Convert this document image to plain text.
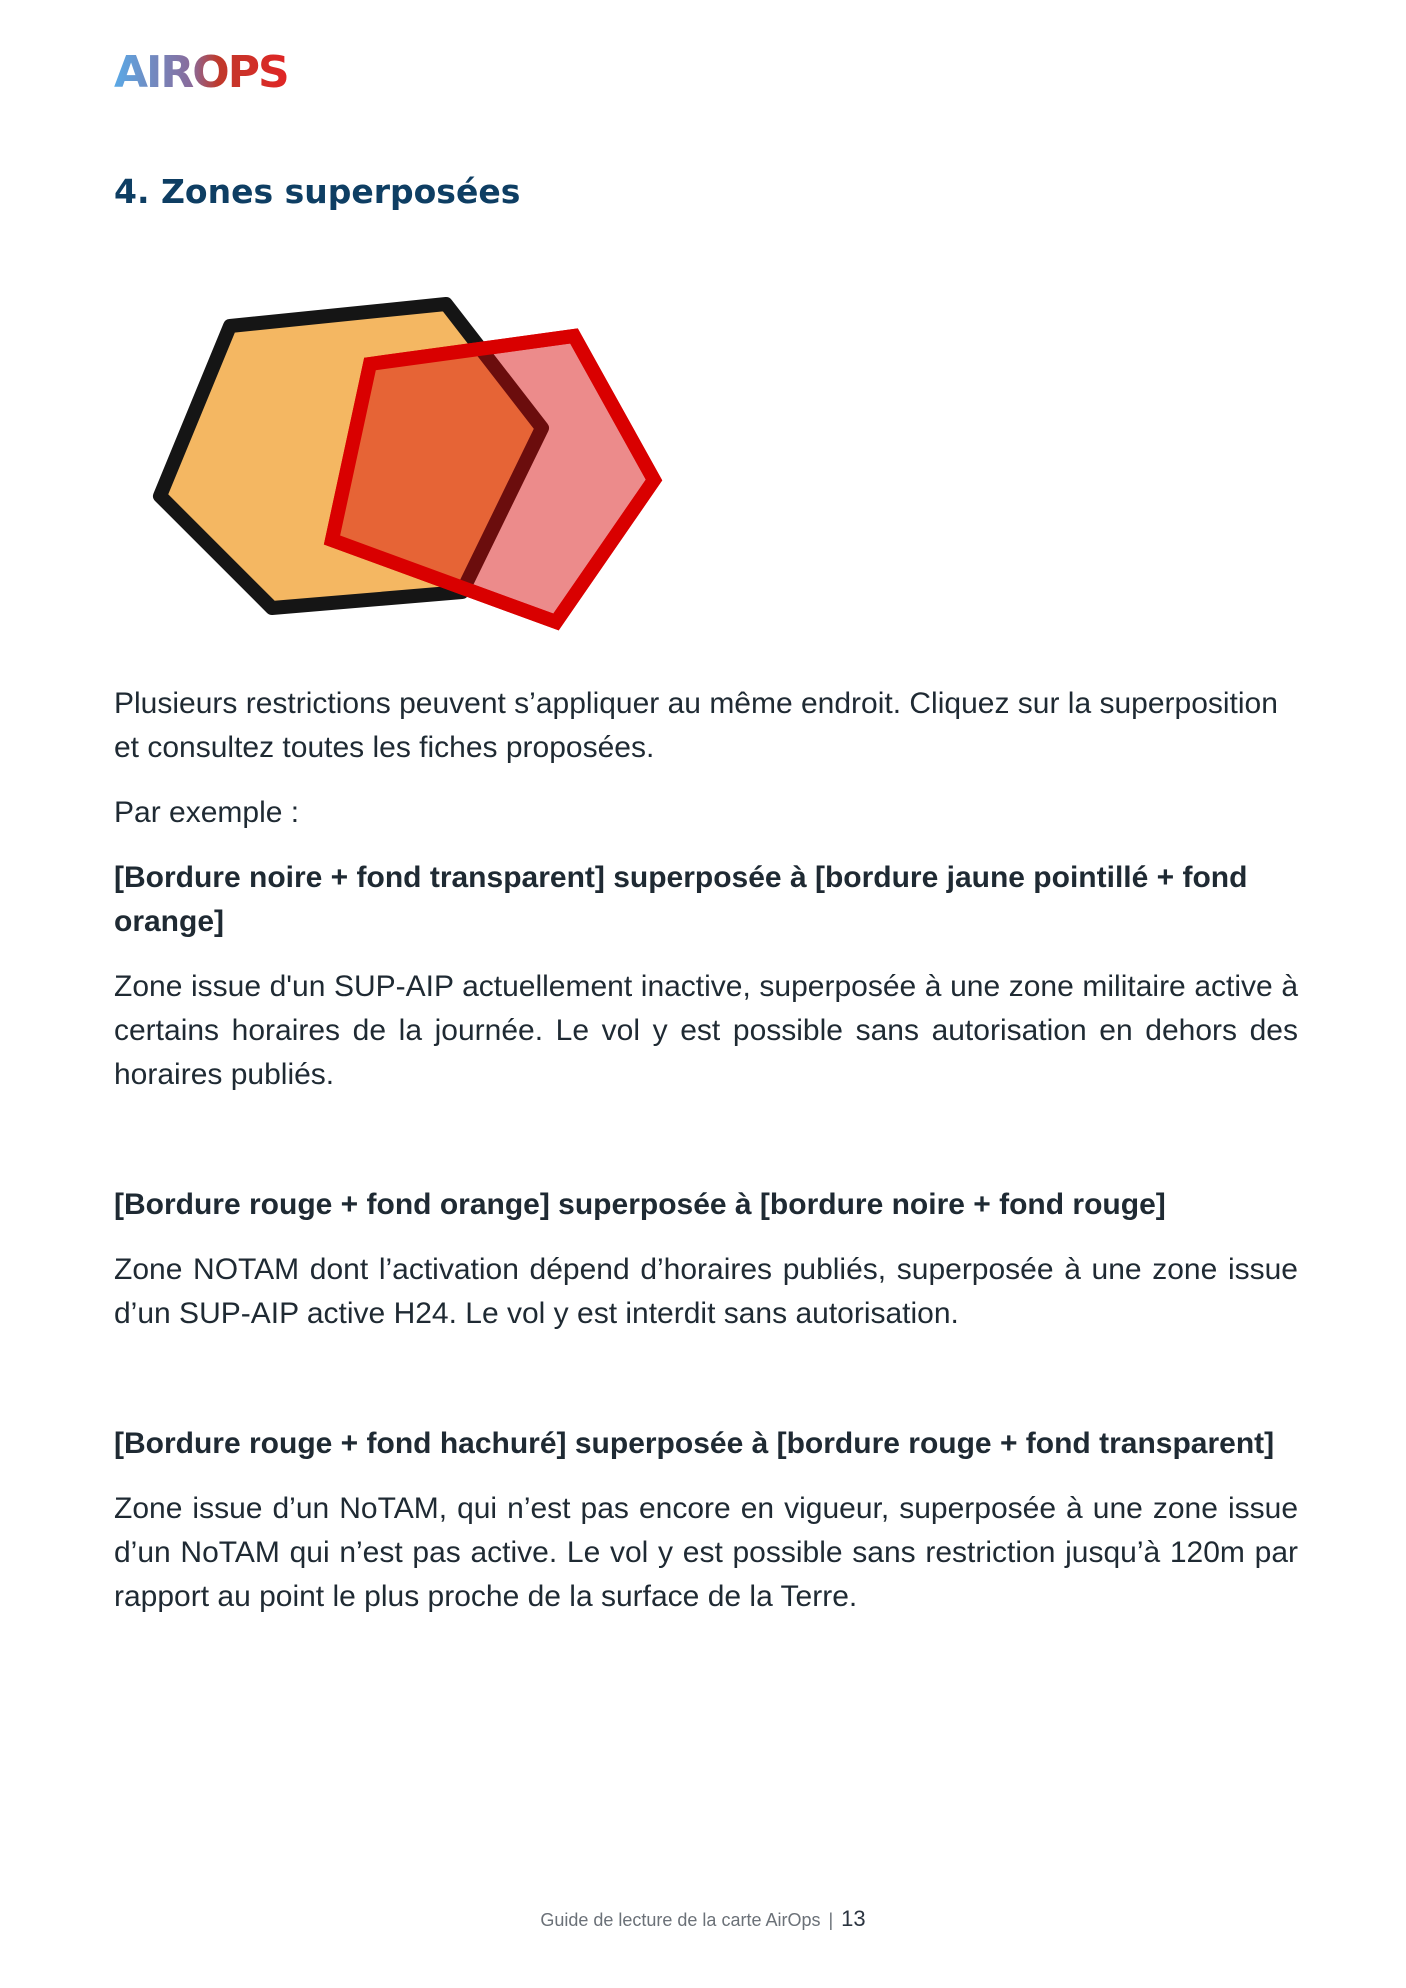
AIROPS
4. Zones superposées

Plusieurs restrictions peuvent s’appliquer au même endroit. Cliquez sur la superposition et consultez toutes les fiches proposées.

Par exemple :

[Bordure noire + fond transparent] superposée à [bordure jaune pointillé + fond orange]

Zone issue d'un SUP-AIP actuellement inactive, superposée à une zone militaire active à certains horaires de la journée. Le vol y est possible sans autorisation en dehors des horaires publiés.

[Bordure rouge + fond orange] superposée à [bordure noire + fond rouge]

Zone NOTAM dont l’activation dépend d’horaires publiés, superposée à une zone issue d’un SUP-AIP active H24. Le vol y est interdit sans autorisation.

[Bordure rouge + fond hachuré] superposée à [bordure rouge + fond transparent]

Zone issue d’un NoTAM, qui n’est pas encore en vigueur, superposée à une zone issue d’un NoTAM qui n’est pas active. Le vol y est possible sans restriction jusqu’à 120m par rapport au point le plus proche de la surface de la Terre.

Guide de lecture de la carte AirOps | 13
